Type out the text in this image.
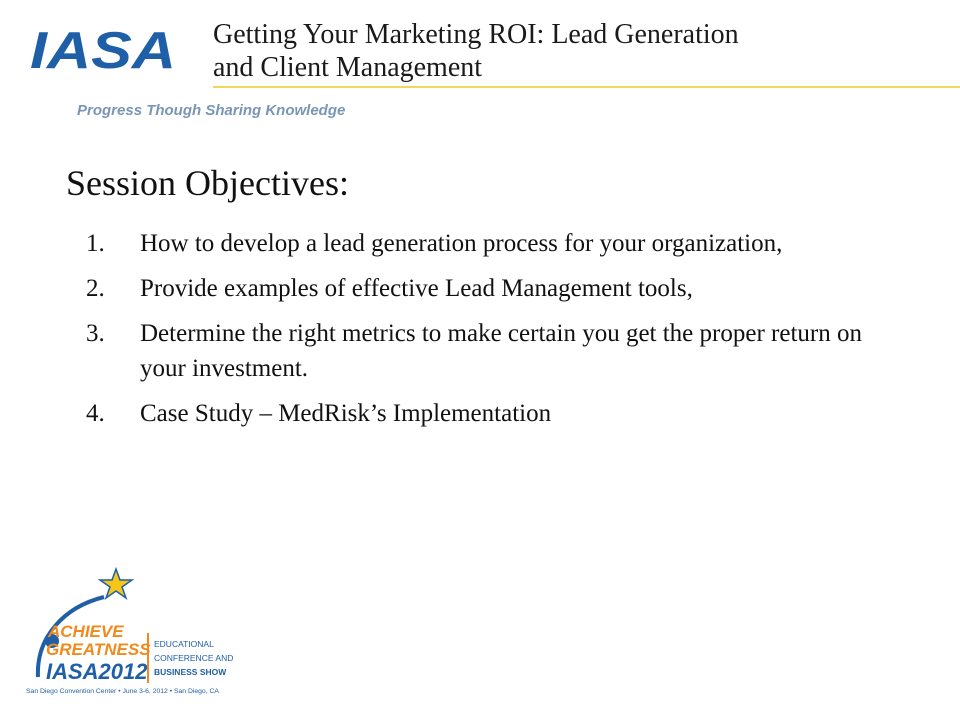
IASA Getting Your Marketing ROI: Lead Generation
and Client Management
Progress Though Sharing Knowledge
Session Objectives:
1.	How to develop a lead generation process for your organization,
2.	Provide examples of effective Lead Management tools,
3.	Determine the right metrics to make certain you get the proper return on your investment.
4.	Case Study – MedRisk’s Implementation
ACHIEVE
GREATNESS
IASA2012
EDUCATIONAL
CONFERENCE AND
BUSINESS SHOW
San Diego Convention Center • June 3-6, 2012 • San Diego, CA
